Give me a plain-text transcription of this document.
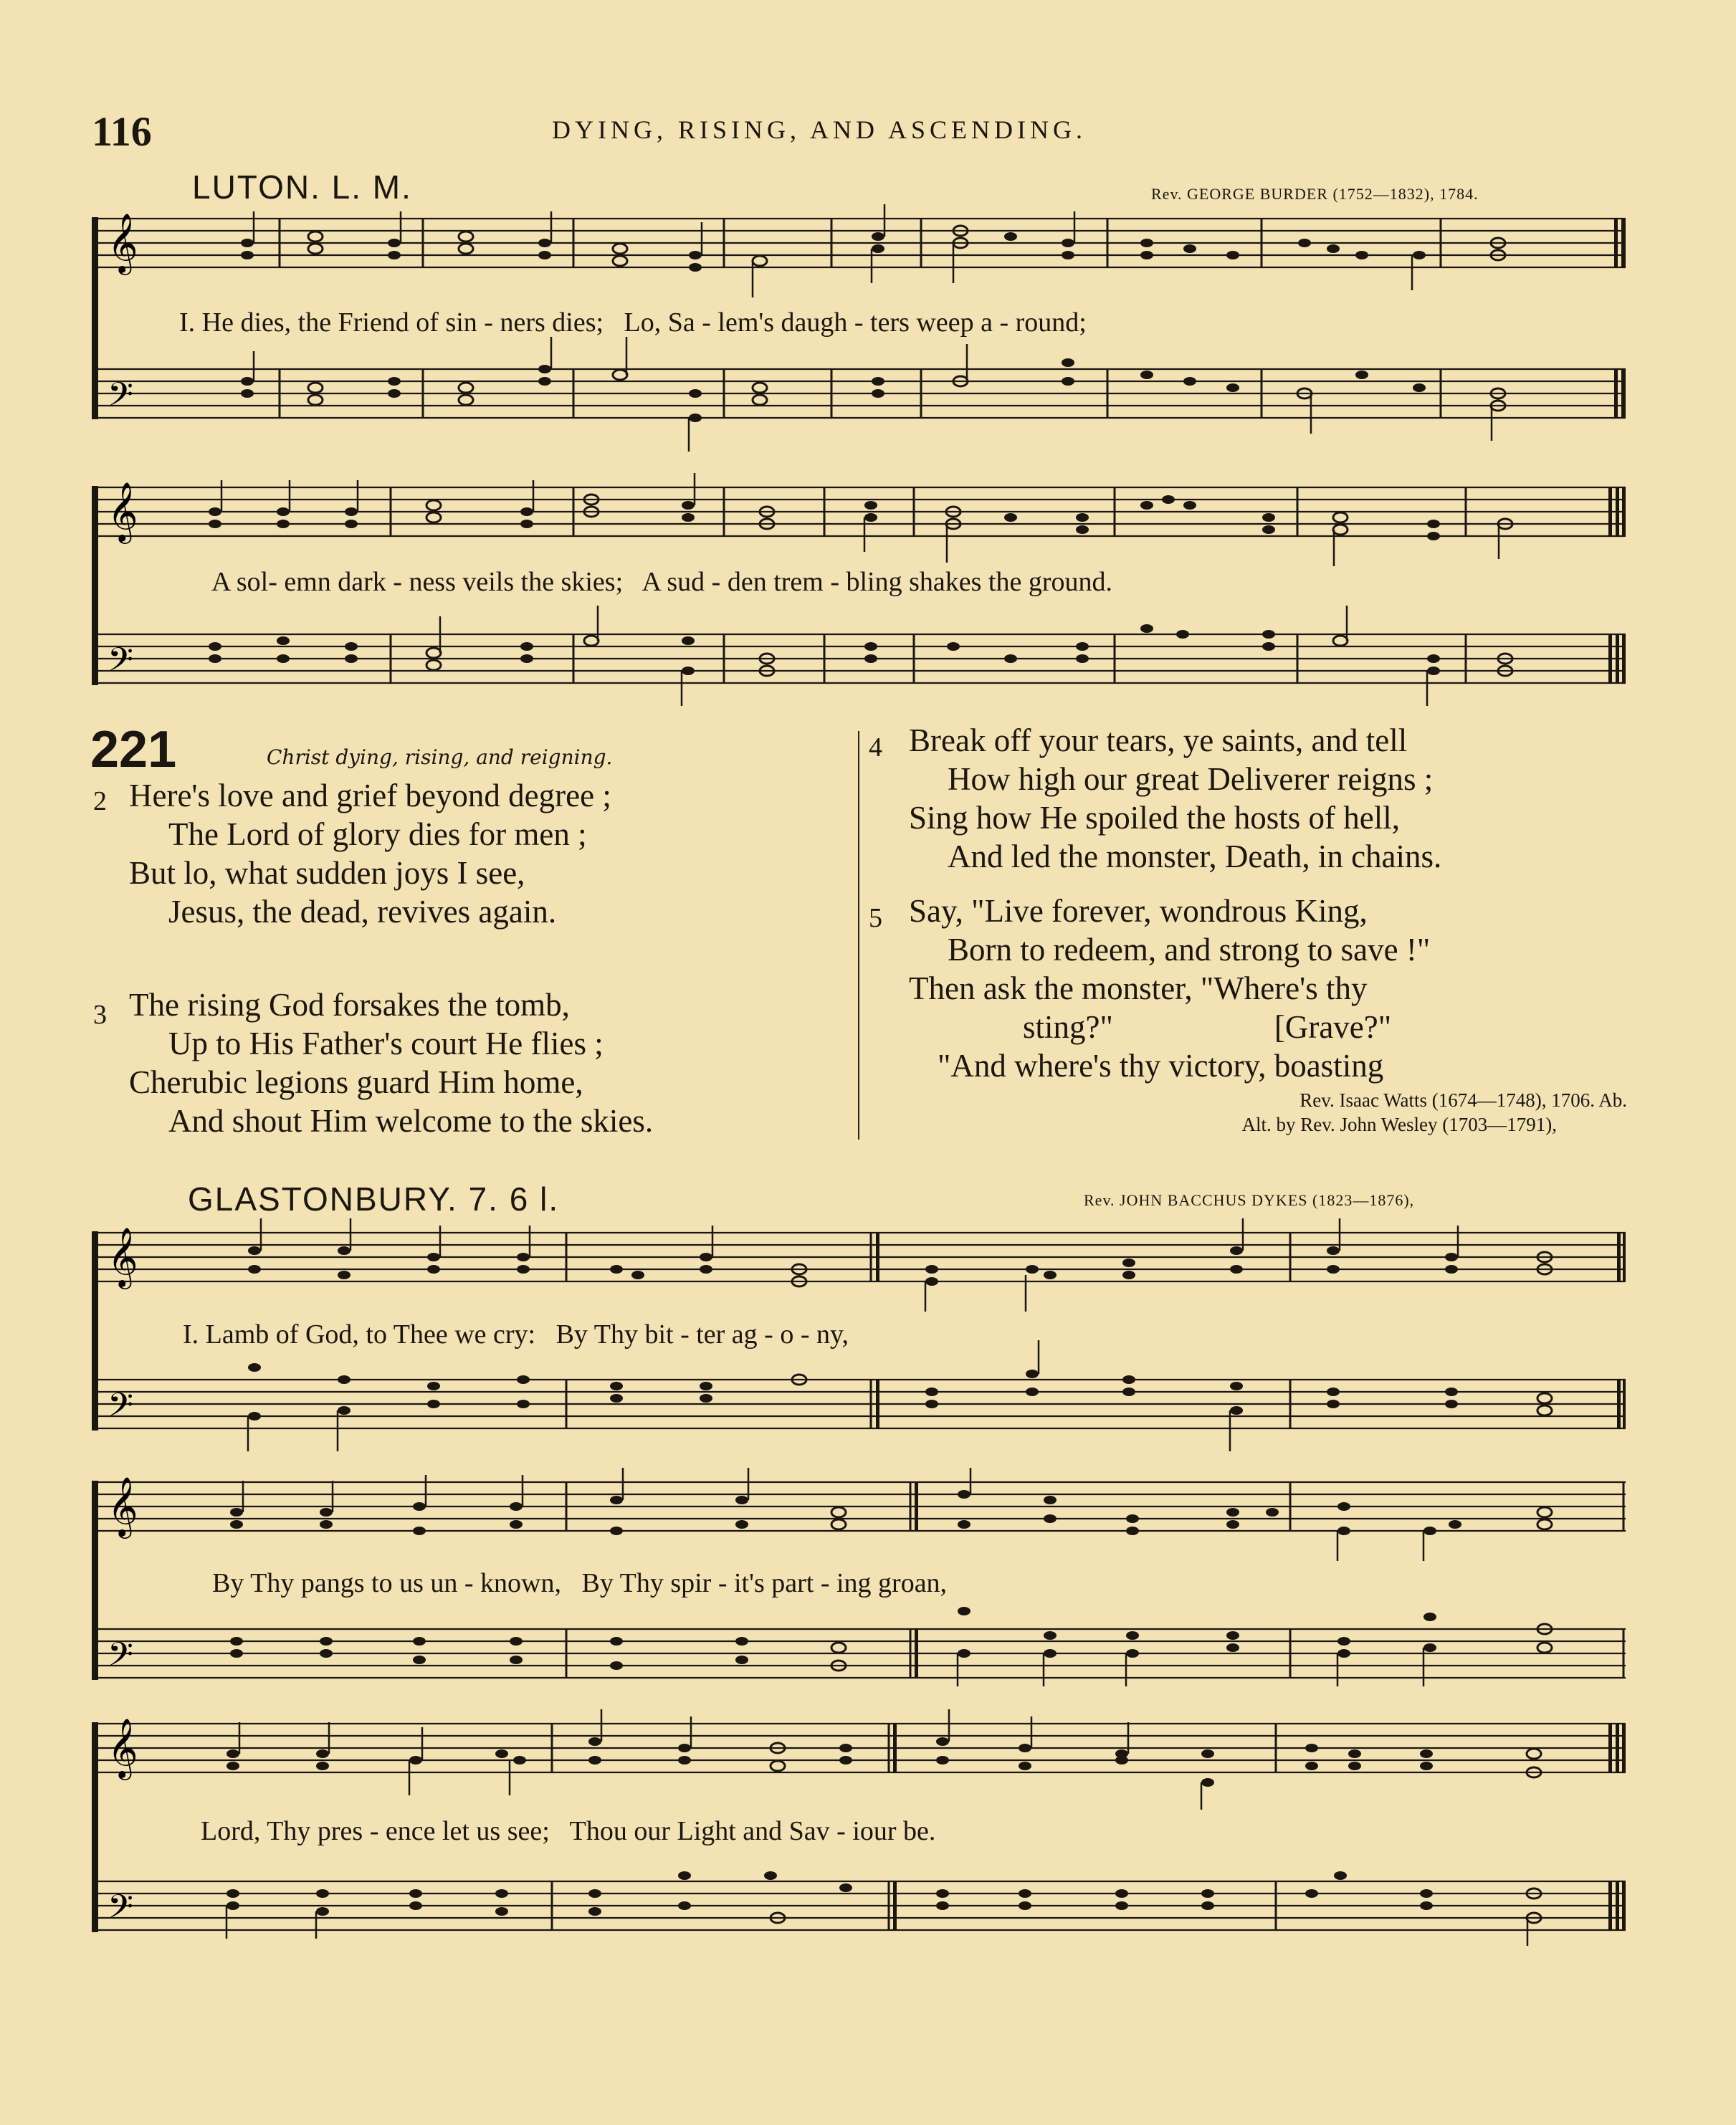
116	DYING, RISING, AND ASCENDING.
LUTON. L. M.	Rev. GEORGE BURDER (1752—1832), 1784.
𝄞
𝄢
I. He dies, the Friend of sin - ners dies;   Lo, Sa - lem's daugh - ters weep a - round;
𝄞
𝄢
A sol- emn dark - ness veils the skies;   A sud - den trem - bling shakes the ground.
221	Christ dying, rising, and reigning.
2 Here's love and grief beyond degree ;
The Lord of glory dies for men ;
But lo, what sudden joys I see,
Jesus, the dead, revives again.
3 The rising God forsakes the tomb,
Up to His Father's court He flies ;
Cherubic legions guard Him home,
And shout Him welcome to the skies.
4 Break off your tears, ye saints, and tell
How high our great Deliverer reigns ;
Sing how He spoiled the hosts of hell,
And led the monster, Death, in chains.
5 Say, "Live forever, wondrous King,
Born to redeem, and strong to save !"
Then ask the monster, "Where's thy
sting?"                    [Grave?"
"And where's thy victory, boasting
Rev. Isaac Watts (1674—1748), 1706. Ab.
Alt. by Rev. John Wesley (1703—1791),
GLASTONBURY. 7. 6 l.	Rev. JOHN BACCHUS DYKES (1823—1876),
𝄞
𝄢
I. Lamb of God, to Thee we cry:   By Thy bit - ter ag - o - ny,
𝄞
𝄢
By Thy pangs to us un - known,   By Thy spir - it's part - ing groan,
𝄞
𝄢
Lord, Thy pres - ence let us see;   Thou our Light and Sav - iour be.
